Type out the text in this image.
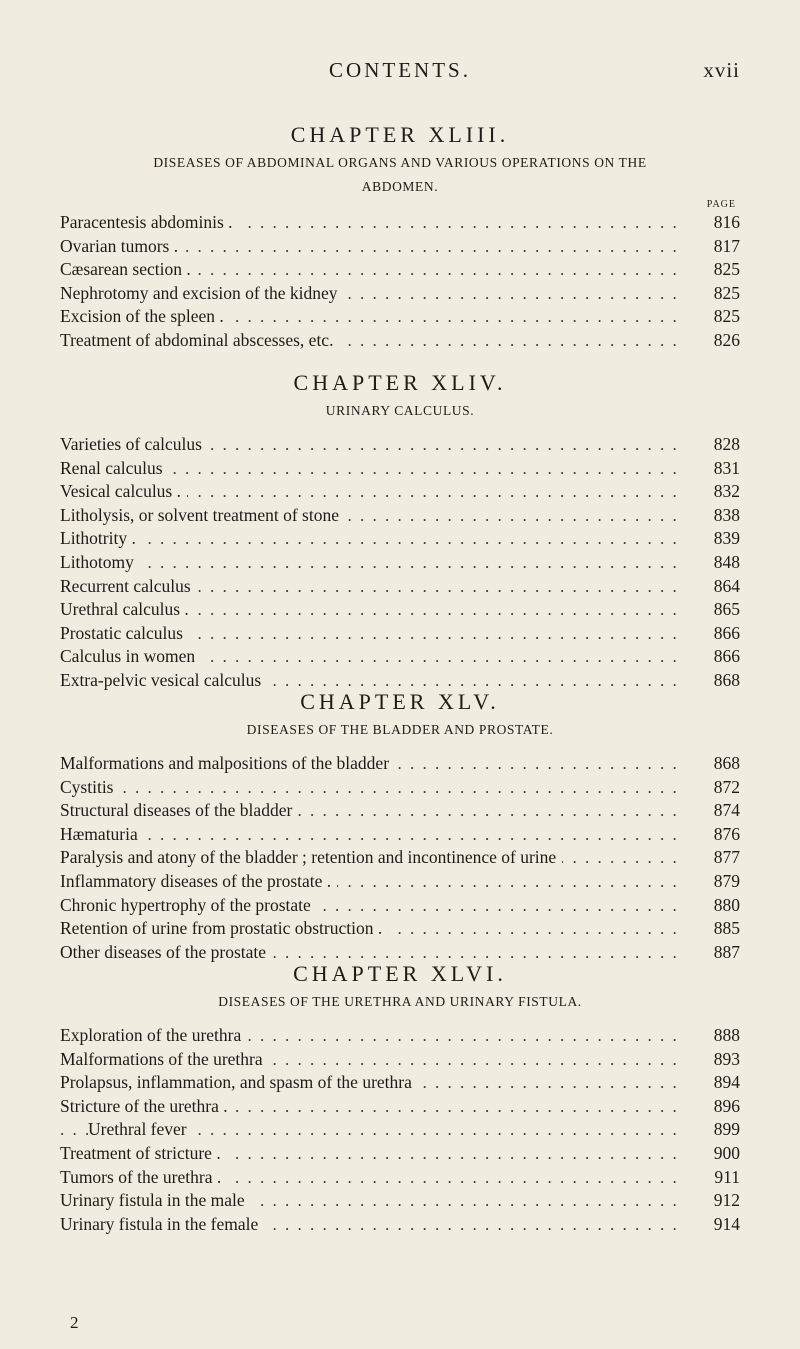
CONTENTS.	xvii
CHAPTER XLIII.
DISEASES OF ABDOMINAL ORGANS AND VARIOUS OPERATIONS ON THE
ABDOMEN.
PAGE
. . .
Paracentesis abdominis .	816
. . .
Ovarian tumors .	817
. . .
Cæsarean section .	825
. . .
Nephrotomy and excision of the kidney	825
. . .
Excision of the spleen .	825
. . .
Treatment of abdominal abscesses, etc.	826
CHAPTER XLIV.
URINARY CALCULUS.
. . .
Varieties of calculus	828
. . .
Renal calculus	831
. . .
Vesical calculus .	832
. . .
Litholysis, or solvent treatment of stone	838
. . .
Lithotrity .	839
. . .
Lithotomy	848
. . .
Recurrent calculus	864
. . .
Urethral calculus .	865
. . .
Prostatic calculus	866
. . .
Calculus in women	866
. . .
Extra-pelvic vesical calculus	868
CHAPTER XLV.
DISEASES OF THE BLADDER AND PROSTATE.
. . .
Malformations and malpositions of the bladder	868
. . .
Cystitis	872
. . .
Structural diseases of the bladder	874
. . .
Hæmaturia	876
. . .
Paralysis and atony of the bladder ; retention and incontinence of urine	877
. . .
Inflammatory diseases of the prostate .	879
. . .
Chronic hypertrophy of the prostate	880
. . .
Retention of urine from prostatic obstruction .	885
. . .
Other diseases of the prostate	887
CHAPTER XLVI.
DISEASES OF THE URETHRA AND URINARY FISTULA.
. . .
Exploration of the urethra	888
. . .
Malformations of the urethra	893
. . .
Prolapsus, inflammation, and spasm of the urethra	894
. . .
Stricture of the urethra .	896
. . .
Urethral fever	899
. . .
Treatment of stricture .	900
. . .
Tumors of the urethra .	911
. . .
Urinary fistula in the male	912
. . .
Urinary fistula in the female	914
2
